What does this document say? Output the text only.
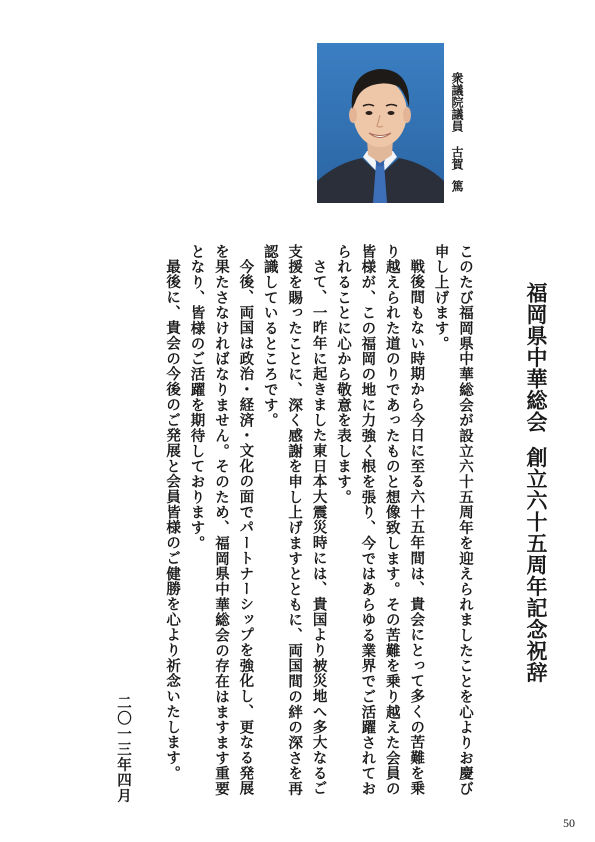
衆議院議員古賀篤
福岡県中華総会創立六十五周年記念祝辞

このたび福岡県中華総会が設立六十五周年を迎えられましたことを心よりお慶び申し上げます。

戦後間もない時期から今日に至る六十五年間は、貴会にとって多くの苦難を乗り越えられた道のりであったものと想像致します。その苦難を乗り越えた会員の皆様が、この福岡の地に力強く根を張り、今ではあらゆる業界でご活躍されておられることに心から敬意を表します。

さて、一昨年に起きました東日本大震災時には、貴国より被災地へ多大なるご支援を賜ったことに、深く感謝を申し上げますとともに、両国間の絆の深さを再認識しているところです。

今後、両国は政治・経済・文化の面でパートナーシップを強化し、更なる発展を果たさなければなりません。そのため、福岡県中華総会の存在はますます重要となり、皆様のご活躍を期待しております。

最後に、貴会の今後のご発展と会員皆様のご健勝を心より祈念いたします。

二〇一三年四月
50
